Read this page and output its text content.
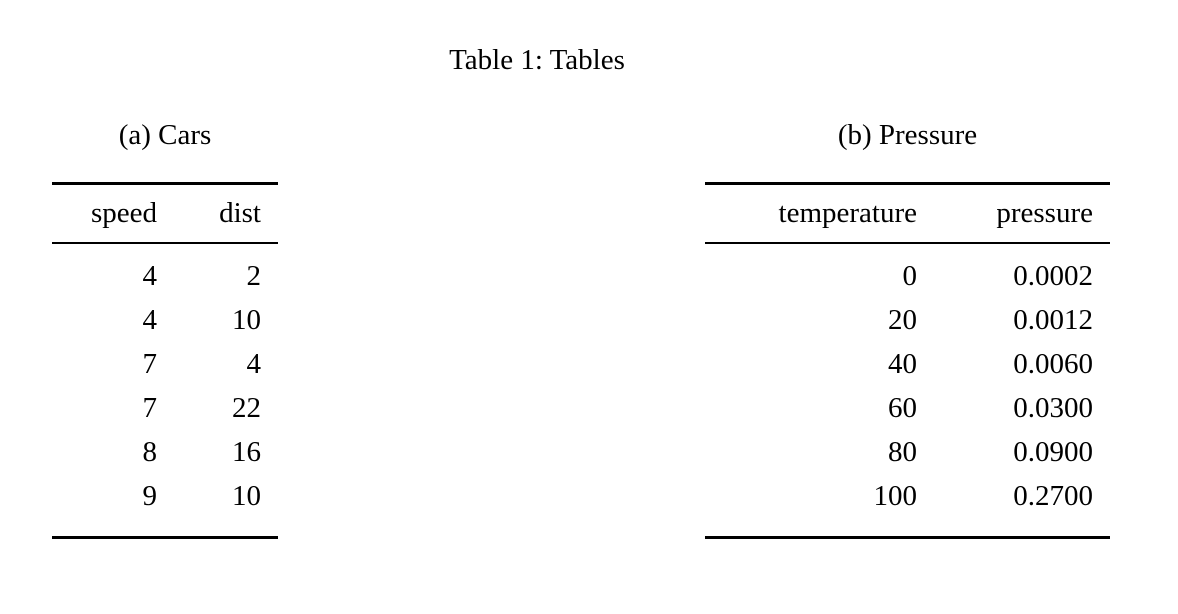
Table 1: Tables
(a) Cars
speed	dist
4	2
4	10
7	4
7	22
8	16
9	10
(b) Pressure
temperature	pressure
0	0.0002
20	0.0012
40	0.0060
60	0.0300
80	0.0900
100	0.2700
